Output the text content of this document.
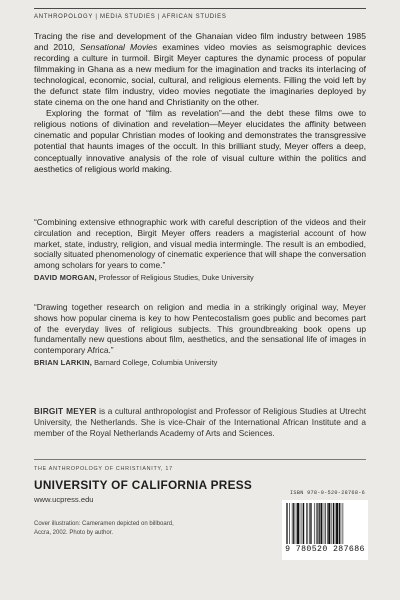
ANTHROPOLOGY | MEDIA STUDIES | AFRICAN STUDIES

Tracing the rise and development of the Ghanaian video film industry between 1985 and 2010, Sensational Movies examines video movies as seismographic devices recording a culture in turmoil. Birgit Meyer captures the dynamic process of popular filmmaking in Ghana as a new medium for the imagination and tracks its interlacing of technological, economic, social, cultural, and religious elements. Filling the void left by the defunct state film industry, video movies negotiate the imaginaries deployed by state cinema on the one hand and Christianity on the other.

Exploring the format of “film as revelation”—and the debt these films owe to religious notions of divination and revelation—Meyer elucidates the affinity between cinematic and popular Christian modes of looking and demonstrates the transgressive potential that haunts images of the occult. In this brilliant study, Meyer offers a deep, conceptually innovative analysis of the role of visual culture within the politics and aesthetics of religious world making.

“Combining extensive ethnographic work with careful description of the videos and their circulation and reception, Birgit Meyer offers readers a magisterial account of how market, state, industry, religion, and visual media intermingle. The result is an embodied, socially situated phenomenology of cinematic experience that will shape the conversation among scholars for years to come.”
DAVID MORGAN, Professor of Religious Studies, Duke University
“Drawing together research on religion and media in a strikingly original way, Meyer shows how popular cinema is key to how Pentecostalism goes public and becomes part of the everyday lives of religious subjects. This groundbreaking book opens up fundamentally new questions about film, aesthetics, and the sensational life of images in contemporary Africa.”
BRIAN LARKIN, Barnard College, Columbia University
BIRGIT MEYER is a cultural anthropologist and Professor of Religious Studies at Utrecht University, the Netherlands. She is vice-Chair of the International African Institute and a member of the Royal Netherlands Academy of Arts and Sciences.
THE ANTHROPOLOGY OF CHRISTIANITY, 17
UNIVERSITY OF CALIFORNIA PRESS
www.ucpress.edu
Cover illustration: Cameramen depicted on billboard,
Accra, 2002. Photo by author.
ISBN 978-0-520-28768-6
9 780520 287686
